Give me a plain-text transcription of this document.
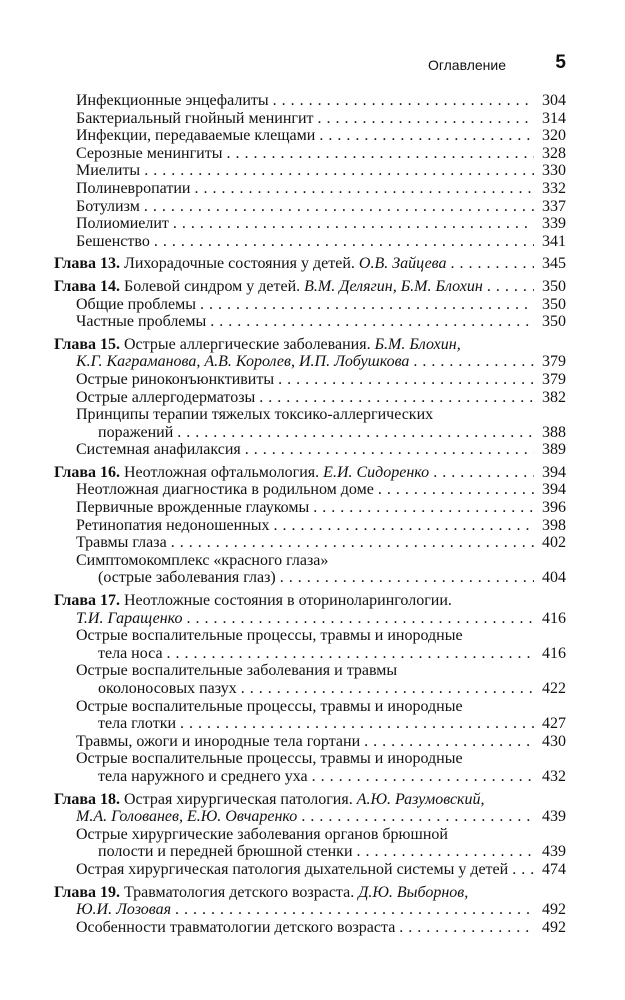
Оглавление	5
Инфекционные энцефалиты . . .	304
Бактериальный гнойный менингит . . .	314
Инфекции, передаваемые клещами . . .	320
Серозные менингиты . . .	328
Миелиты . . .	330
Полиневропатии . . .	332
Ботулизм . . .	337
Полиомиелит . . .	339
Бешенство . . .	341
Глава 13. Лихорадочные состояния у детей. О.В. Зайцева . . .	345
Глава 14. Болевой синдром у детей. В.М. Делягин, Б.М. Блохин . . .	350
Общие проблемы . . .	350
Частные проблемы . . .	350
Глава 15. Острые аллергические заболевания. Б.М. Блохин,
К.Г. Каграманова, А.В. Королев, И.П. Лобушкова . . .	379
Острые риноконъюнктивиты . . .	379
Острые аллергодерматозы . . .	382
Принципы терапии тяжелых токсико-аллергических
поражений . . .	388
Системная анафилаксия . . .	389
Глава 16. Неотложная офтальмология. Е.И. Сидоренко . . .	394
Неотложная диагностика в родильном доме . . .	394
Первичные врожденные глаукомы . . .	396
Ретинопатия недоношенных . . .	398
Травмы глаза . . .	402
Симптомокомплекс «красного глаза»
(острые заболевания глаз) . . .	404
Глава 17. Неотложные состояния в оториноларингологии.
Т.И. Гаращенко . . .	416
Острые воспалительные процессы, травмы и инородные
тела носа . . .	416
Острые воспалительные заболевания и травмы
околоносовых пазух . . .	422
Острые воспалительные процессы, травмы и инородные
тела глотки . . .	427
Травмы, ожоги и инородные тела гортани . . .	430
Острые воспалительные процессы, травмы и инородные
тела наружного и среднего уха . . .	432
Глава 18. Острая хирургическая патология. А.Ю. Разумовский,
М.А. Голованев, Е.Ю. Овчаренко . . .	439
Острые хирургические заболевания органов брюшной
полости и передней брюшной стенки . . .	439
Острая хирургическая патология дыхательной системы у детей . . . 474
Глава 19. Травматология детского возраста. Д.Ю. Выборнов,
Ю.И. Лозовая . . .	492
Особенности травматологии детского возраста . . .	492
